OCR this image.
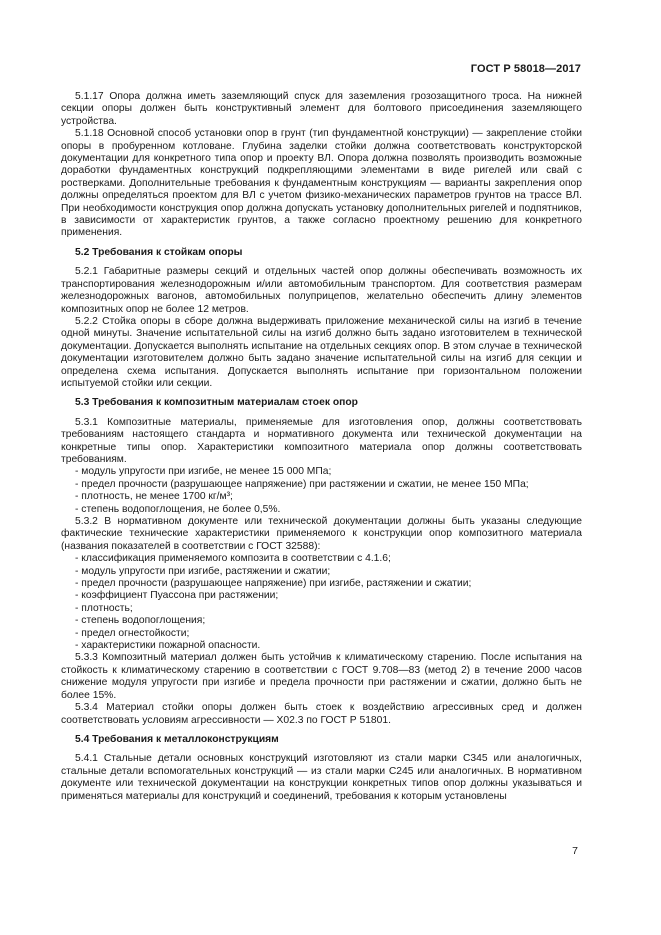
ГОСТ Р 58018—2017

5.1.17 Опора должна иметь заземляющий спуск для заземления грозозащитного троса. На нижней секции опоры должен быть конструктивный элемент для болтового присоединения заземляющего устройства.

5.1.18 Основной способ установки опор в грунт (тип фундаментной конструкции) — закрепление стойки опоры в пробуренном котловане. Глубина заделки стойки должна соответствовать конструкторской документации для конкретного типа опор и проекту ВЛ. Опора должна позволять производить возможные доработки фундаментных конструкций подкрепляющими элементами в виде ригелей или свай с ростверками. Дополнительные требования к фундаментным конструкциям — варианты закрепления опор должны определяться проектом для ВЛ с учетом физико-механических параметров грунтов на трассе ВЛ. При необходимости конструкция опор должна допускать установку дополнительных ригелей и подпятников, в зависимости от характеристик грунтов, а также согласно проектному решению для конкретного применения.

5.2 Требования к стойкам опоры

5.2.1 Габаритные размеры секций и отдельных частей опор должны обеспечивать возможность их транспортирования железнодорожным и/или автомобильным транспортом. Для соответствия размерам железнодорожных вагонов, автомобильных полуприцепов, желательно обеспечить длину элементов композитных опор не более 12 метров.

5.2.2 Стойка опоры в сборе должна выдерживать приложение механической силы на изгиб в течение одной минуты. Значение испытательной силы на изгиб должно быть задано изготовителем в технической документации. Допускается выполнять испытание на отдельных секциях опор. В этом случае в технической документации изготовителем должно быть задано значение испытательной силы на изгиб для секции и определена схема испытания. Допускается выполнять испытание при горизонтальном положении испытуемой стойки или секции.

5.3 Требования к композитным материалам стоек опор

5.3.1 Композитные материалы, применяемые для изготовления опор, должны соответствовать требованиям настоящего стандарта и нормативного документа или технической документации на конкретные типы опор. Характеристики композитного материала опор должны соответствовать требованиям.

- модуль упругости при изгибе, не менее 15 000 МПа;

- предел прочности (разрушающее напряжение) при растяжении и сжатии, не менее 150 МПа;

- плотность, не менее 1700 кг/м³;

- степень водопоглощения, не более 0,5%.

5.3.2 В нормативном документе или технической документации должны быть указаны следующие фактические технические характеристики применяемого к конструкции опор композитного материала (названия показателей в соответствии с ГОСТ 32588):

- классификация применяемого композита в соответствии с 4.1.6;

- модуль упругости при изгибе, растяжении и сжатии;

- предел прочности (разрушающее напряжение) при изгибе, растяжении и сжатии;

- коэффициент Пуассона при растяжении;

- плотность;

- степень водопоглощения;

- предел огнестойкости;

- характеристики пожарной опасности.

5.3.3 Композитный материал должен быть устойчив к климатическому старению. После испытания на стойкость к климатическому старению в соответствии с ГОСТ 9.708—83 (метод 2) в течение 2000 часов снижение модуля упругости при изгибе и предела прочности при растяжении и сжатии, должно быть не более 15%.

5.3.4 Материал стойки опоры должен быть стоек к воздействию агрессивных сред и должен соответствовать условиям агрессивности — Х02.3 по ГОСТ Р 51801.

5.4 Требования к металлоконструкциям

5.4.1 Стальные детали основных конструкций изготовляют из стали марки С345 или аналогичных, стальные детали вспомогательных конструкций — из стали марки С245 или аналогичных. В нормативном документе или технической документации на конструкции конкретных типов опор должны указываться и применяться материалы для конструкций и соединений, требования к которым установлены

7
